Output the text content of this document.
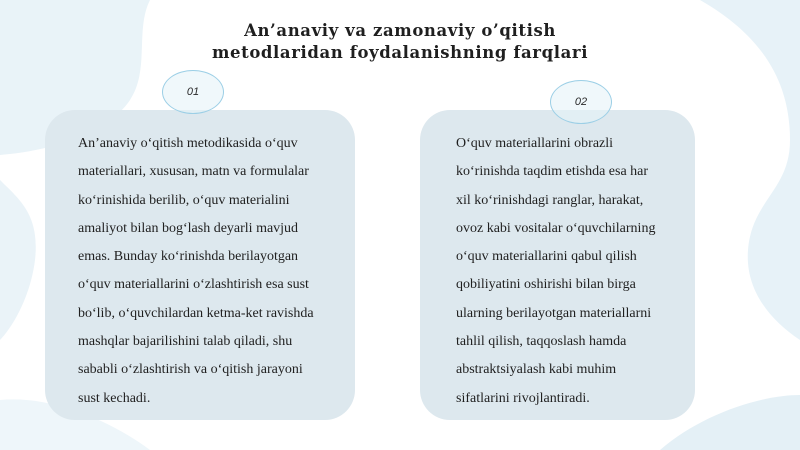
An’anaviy va zamonaviy o’qitish
metodlaridan foydalanishning farqlari
01
02
An’anaviy o‘qitish metodikasida o‘quv
materiallari, xususan, matn va formulalar
ko‘rinishida berilib, o‘quv materialini
amaliyot bilan bog‘lash deyarli mavjud
emas. Bunday ko‘rinishda berilayotgan
o‘quv materiallarini o‘zlashtirish esa sust
bo‘lib, o‘quvchilardan ketma-ket ravishda
mashqlar bajarilishini talab qiladi, shu
sababli o‘zlashtirish va o‘qitish jarayoni
sust kechadi.
O‘quv materiallarini obrazli
ko‘rinishda taqdim etishda esa har
xil ko‘rinishdagi ranglar, harakat,
ovoz kabi vositalar o‘quvchilarning
o‘quv materiallarini qabul qilish
qobiliyatini oshirishi bilan birga
ularning berilayotgan materiallarni
tahlil qilish, taqqoslash hamda
abstraktsiyalash kabi muhim
sifatlarini rivojlantiradi.
